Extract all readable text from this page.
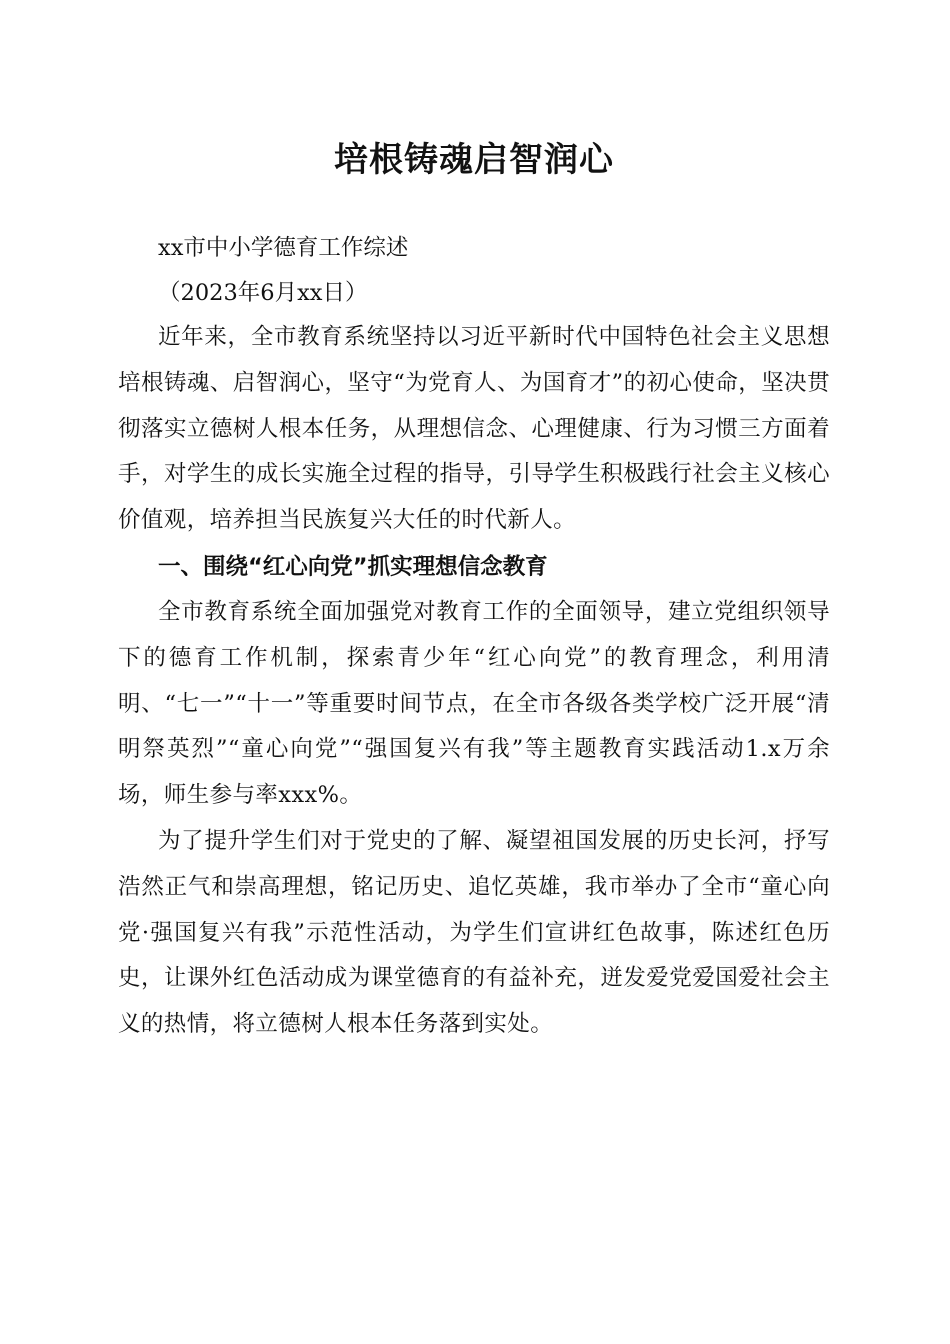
培根铸魂启智润心

xx市中小学德育工作综述

（2023年6月xx日）

近年来，全市教育系统坚持以习近平新时代中国特色社会主义思想培根铸魂、启智润心，坚守“为党育人、为国育才”的初心使命，坚决贯彻落实立德树人根本任务，从理想信念、心理健康、行为习惯三方面着手，对学生的成长实施全过程的指导，引导学生积极践行社会主义核心价值观，培养担当民族复兴大任的时代新人。

一、围绕“红心向党”抓实理想信念教育

全市教育系统全面加强党对教育工作的全面领导，建立党组织领导下的德育工作机制，探索青少年“红心向党”的教育理念，利用清明、“七一”“十一”等重要时间节点，在全市各级各类学校广泛开展“清明祭英烈”“童心向党”“强国复兴有我”等主题教育实践活动1.x万余场，师生参与率xxx%。

为了提升学生们对于党史的了解、凝望祖国发展的历史长河，抒写浩然正气和崇高理想，铭记历史、追忆英雄，我市举办了全市“童心向党·强国复兴有我”示范性活动，为学生们宣讲红色故事，陈述红色历史，让课外红色活动成为课堂德育的有益补充，迸发爱党爱国爱社会主义的热情，将立德树人根本任务落到实处。
